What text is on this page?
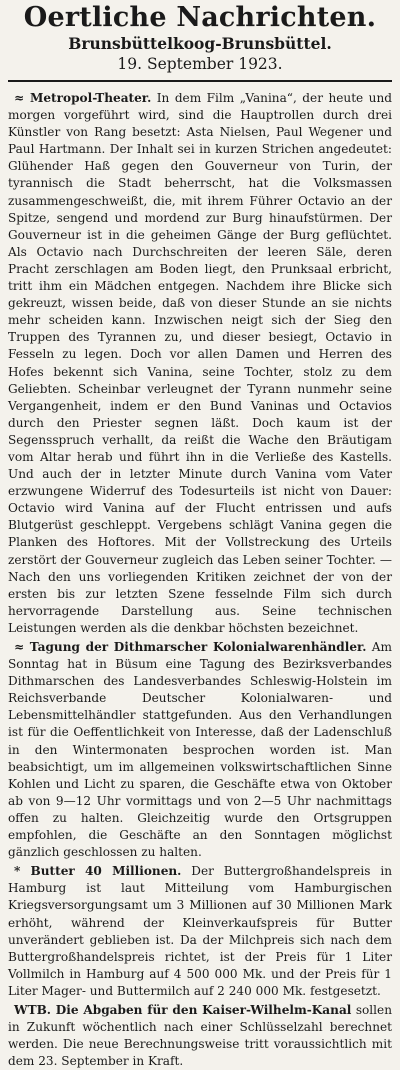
Oertliche Nachrichten.
Brunsbüttelkoog-Brunsbüttel.
19. September 1923.

≈ Metropol-Theater. In dem Film „Vanina“, der heute und morgen vorgeführt wird, sind die Hauptrollen durch drei Künstler von Rang besetzt: Asta Nielsen, Paul Wegener und Paul Hartmann. Der Inhalt sei in kurzen Strichen angedeutet: Glühender Haß gegen den Gouverneur von Turin, der tyrannisch die Stadt beherrscht, hat die Volksmassen zusammengeschweißt, die, mit ihrem Führer Octavio an der Spitze, sengend und mordend zur Burg hinaufstürmen. Der Gouverneur ist in die geheimen Gänge der Burg geflüchtet. Als Octavio nach Durchschreiten der leeren Säle, deren Pracht zerschlagen am Boden liegt, den Prunksaal erbricht, tritt ihm ein Mädchen entgegen. Nachdem ihre Blicke sich gekreuzt, wissen beide, daß von dieser Stunde an sie nichts mehr scheiden kann. Inzwischen neigt sich der Sieg den Truppen des Tyrannen zu, und dieser besiegt, Octavio in Fesseln zu legen. Doch vor allen Damen und Herren des Hofes bekennt sich Vanina, seine Tochter, stolz zu dem Geliebten. Scheinbar verleugnet der Tyrann nunmehr seine Vergangenheit, indem er den Bund Vaninas und Octavios durch den Priester segnen läßt. Doch kaum ist der Segensspruch verhallt, da reißt die Wache den Bräutigam vom Altar herab und führt ihn in die Verließe des Kastells. Und auch der in letzter Minute durch Vanina vom Vater erzwungene Widerruf des Todesurteils ist nicht von Dauer: Octavio wird Vanina auf der Flucht entrissen und aufs Blutgerüst geschleppt. Vergebens schlägt Vanina gegen die Planken des Hoftores. Mit der Vollstreckung des Urteils zerstört der Gouverneur zugleich das Leben seiner Tochter. — Nach den uns vorliegenden Kritiken zeichnet der von der ersten bis zur letzten Szene fesselnde Film sich durch hervorragende Darstellung aus. Seine technischen Leistungen werden als die denkbar höchsten bezeichnet.

≈ Tagung der Dithmarscher Kolonialwarenhändler. Am Sonntag hat in Büsum eine Tagung des Bezirksverbandes Dithmarschen des Landesverbandes Schleswig-Holstein im Reichsverbande Deutscher Kolonialwaren- und Lebensmittelhändler stattgefunden. Aus den Verhandlungen ist für die Oeffentlichkeit von Interesse, daß der Ladenschluß in den Wintermonaten besprochen worden ist. Man beabsichtigt, um im allgemeinen volkswirtschaftlichen Sinne Kohlen und Licht zu sparen, die Geschäfte etwa von Oktober ab von 9—12 Uhr vormittags und von 2—5 Uhr nachmittags offen zu halten. Gleichzeitig wurde den Ortsgruppen empfohlen, die Geschäfte an den Sonntagen möglichst gänzlich geschlossen zu halten.

* Butter 40 Millionen. Der Buttergroßhandelspreis in Hamburg ist laut Mitteilung vom Hamburgischen Kriegsversorgungsamt um 3 Millionen auf 30 Millionen Mark erhöht, während der Kleinverkaufspreis für Butter unverändert geblieben ist. Da der Milchpreis sich nach dem Buttergroßhandelspreis richtet, ist der Preis für 1 Liter Vollmilch in Hamburg auf 4 500 000 Mk. und der Preis für 1 Liter Mager- und Buttermilch auf 2 240 000 Mk. festgesetzt.

WTB. Die Abgaben für den Kaiser-Wilhelm-Kanal sollen in Zukunft wöchentlich nach einer Schlüsselzahl berechnet werden. Die neue Berechnungsweise tritt voraussichtlich mit dem 23. September in Kraft.
